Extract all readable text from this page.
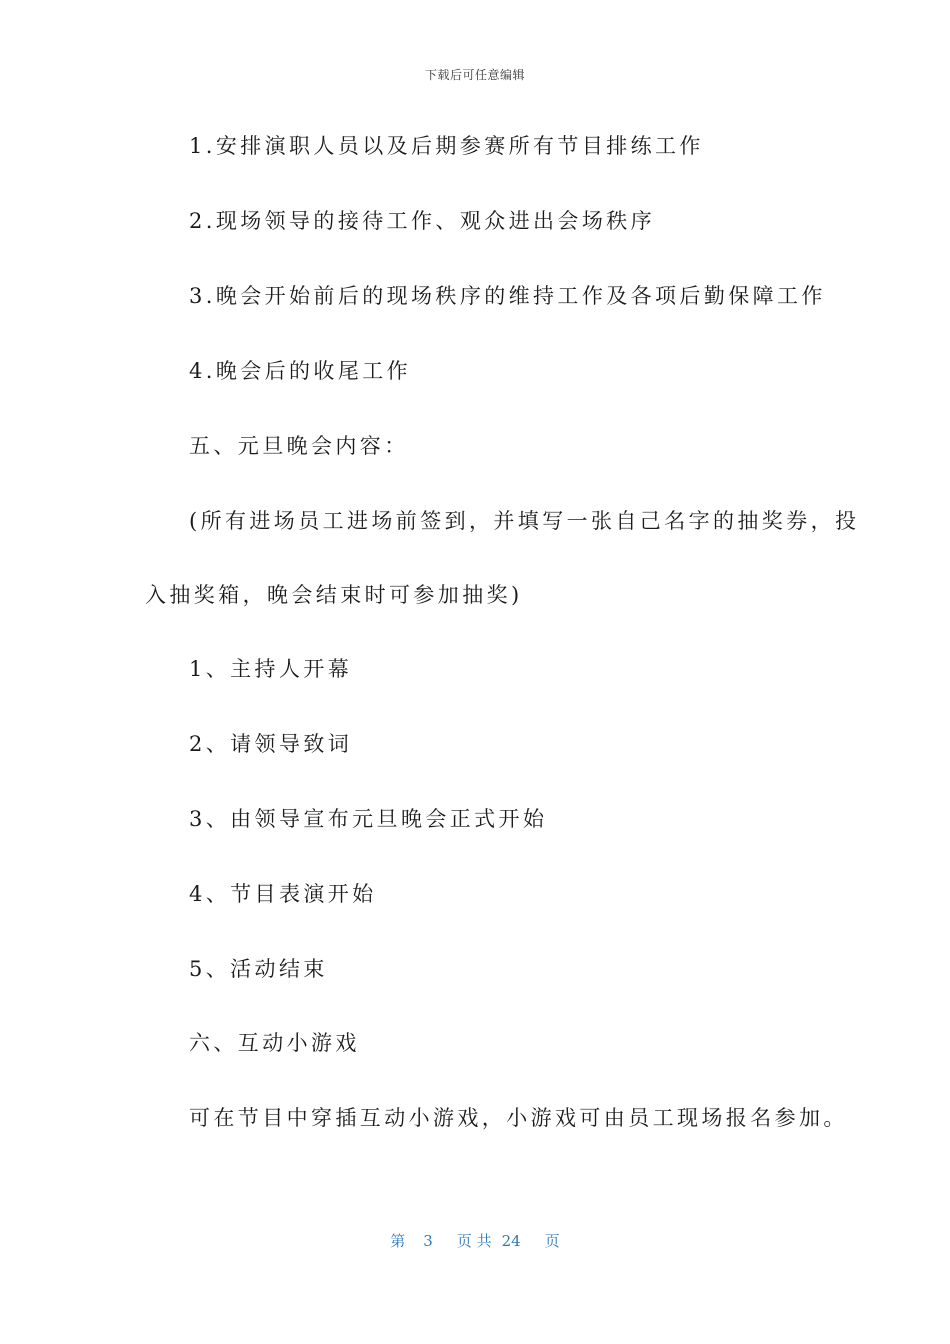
下载后可任意编辑
1.安排演职人员以及后期参赛所有节目排练工作
2.现场领导的接待工作、观众进出会场秩序
3.晚会开始前后的现场秩序的维持工作及各项后勤保障工作
4.晚会后的收尾工作
五、元旦晚会内容：
(所有进场员工进场前签到，并填写一张自己名字的抽奖券，投
入抽奖箱，晚会结束时可参加抽奖)
1、主持人开幕
2、请领导致词
3、由领导宣布元旦晚会正式开始
4、节目表演开始
5、活动结束
六、互动小游戏
可在节目中穿插互动小游戏，小游戏可由员工现场报名参加。
第 3 页 共 24 页
